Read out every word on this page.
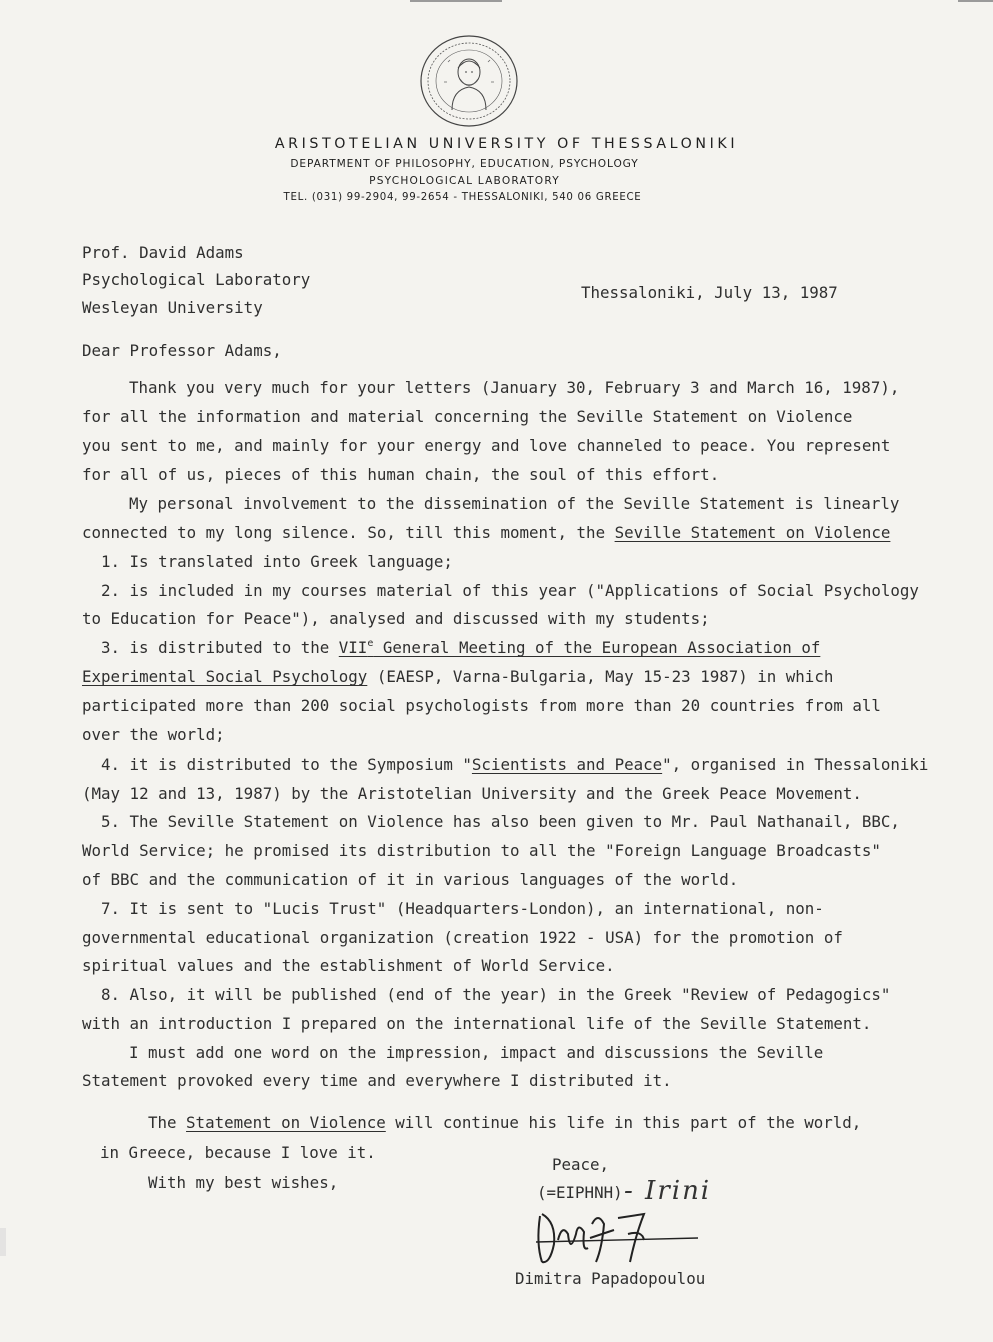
ARISTOTELIAN UNIVERSITY OF THESSALONIKI

DEPARTMENT OF PHILOSOPHY, EDUCATION, PSYCHOLOGY

PSYCHOLOGICAL LABORATORY

TEL. (031) 99-2904, 99-2654 - THESSALONIKI, 540 06 GREECE

Prof. David Adams

Psychological Laboratory

Wesleyan University

Thessaloniki, July 13, 1987

Dear Professor Adams,

Thank you very much for your letters (January 30, February 3 and March 16, 1987),

for all the information and material concerning the Seville Statement on Violence

you sent to me, and mainly for your energy and love channeled to peace. You represent

for all of us, pieces of this human chain, the soul of this effort.

My personal involvement to the dissemination of the Seville Statement is linearly

connected to my long silence. So, till this moment, the Seville Statement on Violence

1. Is translated into Greek language;

2. is included in my courses material of this year ("Applications of Social Psychology

to Education for Peace"), analysed and discussed with my students;

3. is distributed to the VIIe General Meeting of the European Association of

Experimental Social Psychology (EAESP, Varna-Bulgaria, May 15-23 1987) in which

participated more than 200 social psychologists from more than 20 countries from all

over the world;

4. it is distributed to the Symposium "Scientists and Peace", organised in Thessaloniki

(May 12 and 13, 1987) by the Aristotelian University and the Greek Peace Movement.

5. The Seville Statement on Violence has also been given to Mr. Paul Nathanail, BBC,

World Service; he promised its distribution to all the "Foreign Language Broadcasts"

of BBC and the communication of it in various languages of the world.

7. It is sent to "Lucis Trust" (Headquarters-London), an international, non-

governmental educational organization (creation 1922 - USA) for the promotion of

spiritual values and the establishment of World Service.

8. Also, it will be published (end of the year) in the Greek "Review of Pedagogics"

with an introduction I prepared on the international life of the Seville Statement.

I must add one word on the impression, impact and discussions the Seville

Statement provoked every time and everywhere I distributed it.

The Statement on Violence will continue his life in this part of the world,

in Greece, because I love it.

With my best wishes,

Peace,

(=EIPHNH) - Irini

Dimitra Papadopoulou
